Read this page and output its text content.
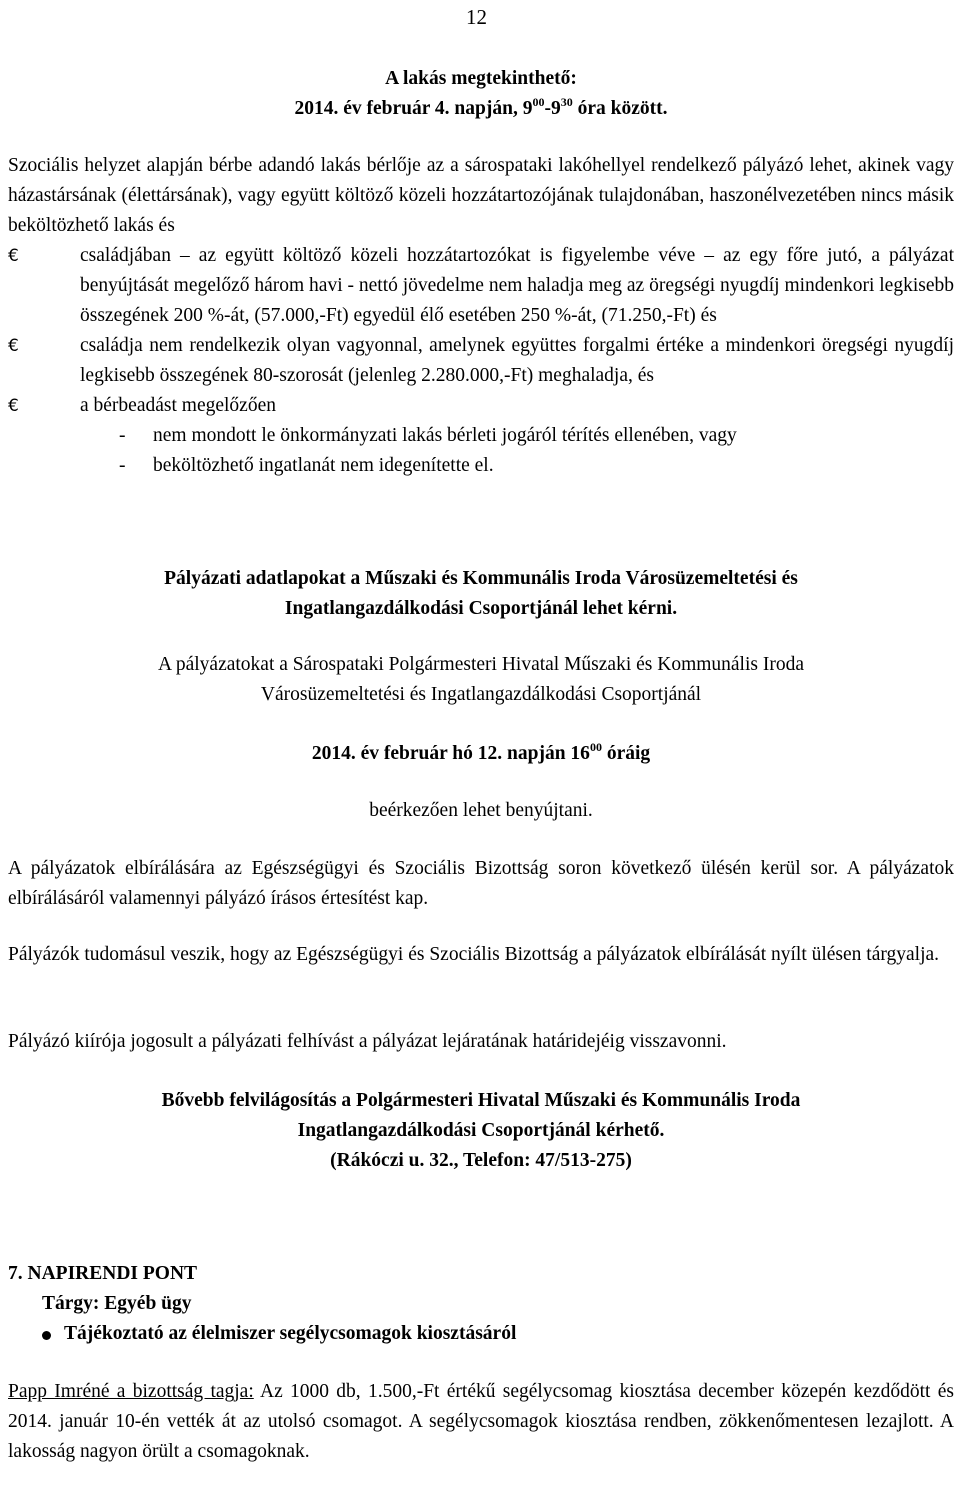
12

A lakás megtekinthető:

2014. év február 4. napján, $9^{00}-9^{30}$ óra között.

Szociális helyzet alapján bérbe adandó lakás bérlője az a sárospataki lakóhellyel rendelkező pályázó lehet, akinek vagy házastársának (élettársának), vagy együtt költöző közeli hozzátartozójának tulajdonában, haszonélvezetében nincs másik beköltözhető lakás és

€	családjában – az együtt költöző közeli hozzátartozókat is figyelembe véve – az egy főre jutó, a pályázat benyújtását megelőző három havi - nettó jövedelme nem haladja meg az öregségi nyugdíj mindenkori legkisebb összegének 200 %-át, (57.000,-Ft) egyedül élő esetében 250 %-át, (71.250,-Ft) és
€	családja nem rendelkezik olyan vagyonnal, amelynek együttes forgalmi értéke a mindenkori öregségi nyugdíj legkisebb összegének 80-szorosát (jelenleg 2.280.000,-Ft) meghaladja, és
€	a bérbeadást megelőzően
- nem mondott le önkormányzati lakás bérleti jogáról térítés ellenében, vagy
- beköltözhető ingatlanát nem idegenítette el.

Pályázati adatlapokat a Műszaki és Kommunális Iroda Városüzemeltetési és

Ingatlangazdálkodási Csoportjánál lehet kérni.

A pályázatokat a Sárospataki Polgármesteri Hivatal Műszaki és Kommunális Iroda

Városüzemeltetési és Ingatlangazdálkodási Csoportjánál

2014. év február hó 12. napján $16^{00}$ óráig

beérkezően lehet benyújtani.

A pályázatok elbírálására az Egészségügyi és Szociális Bizottság soron következő ülésén kerül sor. A pályázatok elbírálásáról valamennyi pályázó írásos értesítést kap.

Pályázók tudomásul veszik, hogy az Egészségügyi és Szociális Bizottság a pályázatok elbírálását nyílt ülésen tárgyalja.

Pályázó kiírója jogosult a pályázati felhívást a pályázat lejáratának határidejéig visszavonni.

Bővebb felvilágosítás a Polgármesteri Hivatal Műszaki és Kommunális Iroda

Ingatlangazdálkodási Csoportjánál kérhető.

(Rákóczi u. 32., Telefon: 47/513-275)

7. NAPIRENDI PONT

Tárgy: Egyéb ügy

Tájékoztató az élelmiszer segélycsomagok kiosztásáról

Papp Imréné a bizottság tagja: Az 1000 db, 1.500,-Ft értékű segélycsomag kiosztása december közepén kezdődött és 2014. január 10-én vették át az utolsó csomagot. A segélycsomagok kiosztása rendben, zökkenőmentesen lezajlott. A lakosság nagyon örült a csomagoknak.
